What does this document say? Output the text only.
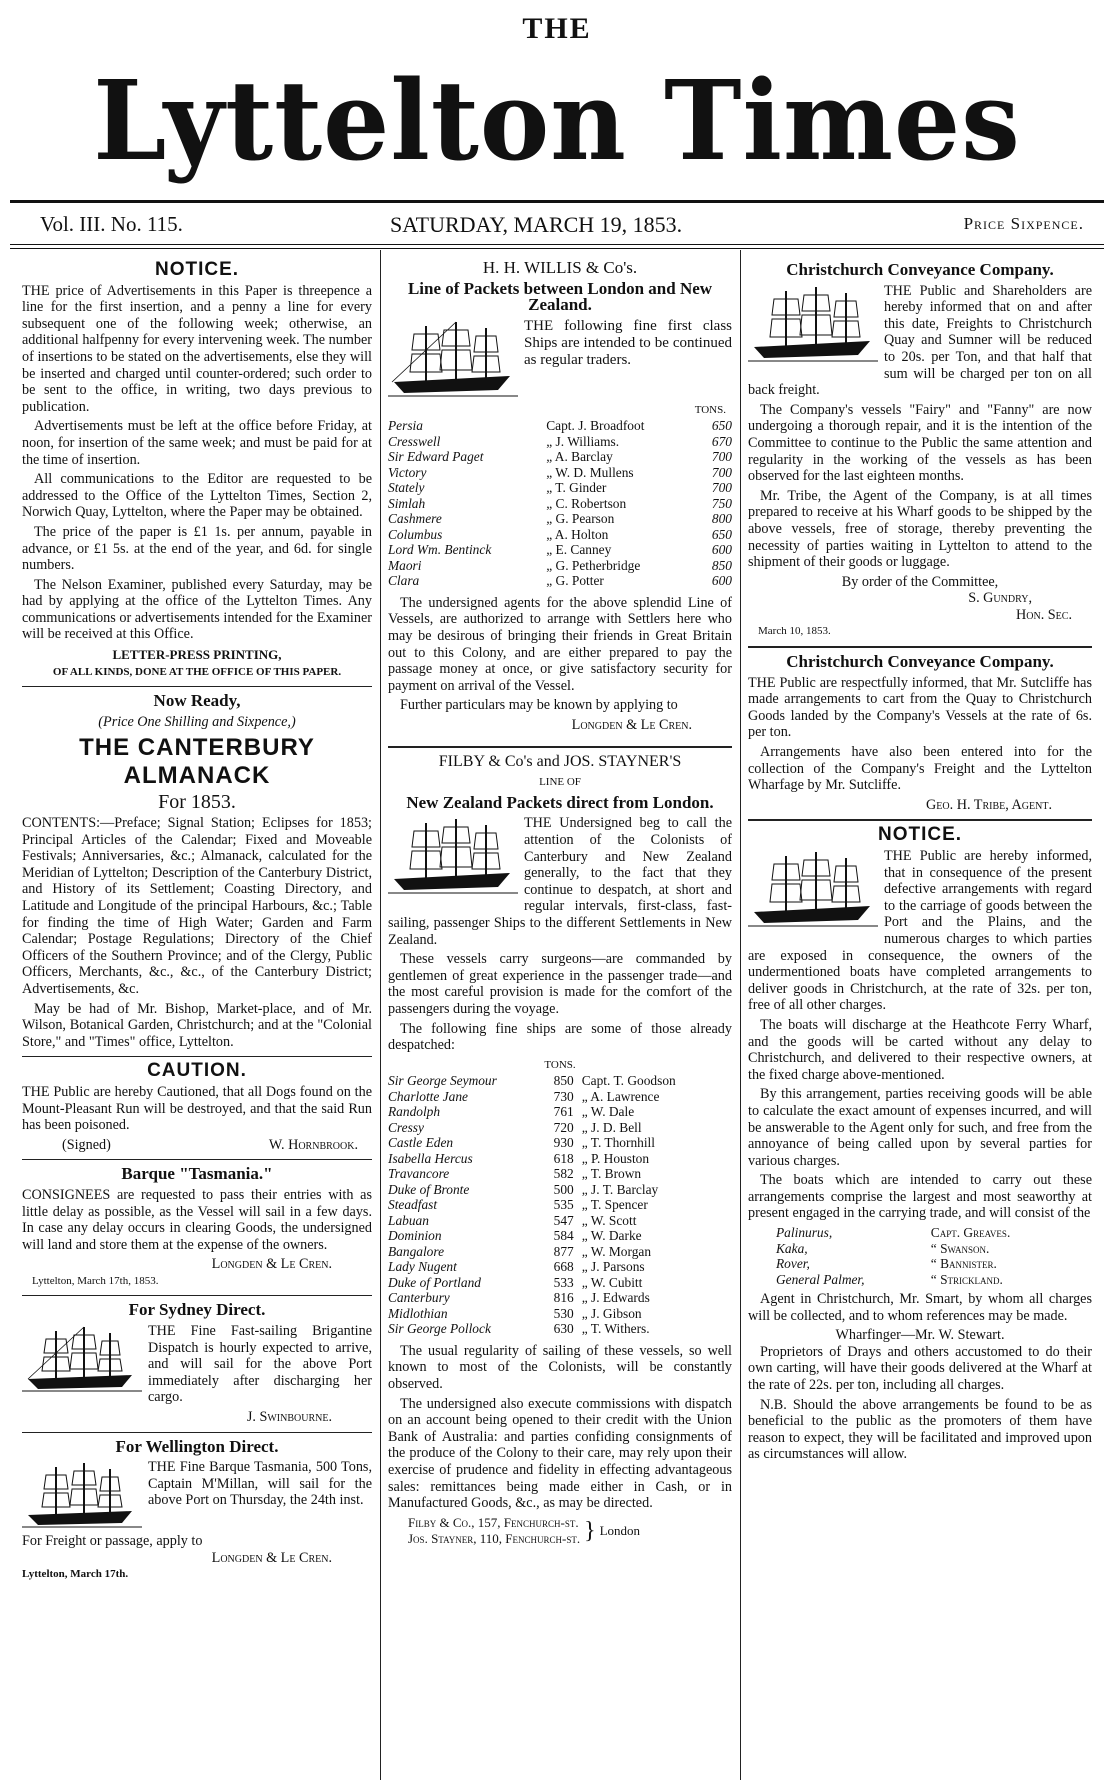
THE
Lyttelton Times
Vol. III. No. 115.	SATURDAY, MARCH 19, 1853.	Price Sixpence.
NOTICE.

THE price of Advertisements in this Paper is threepence a line for the first insertion, and a penny a line for every subsequent one of the following week; otherwise, an additional halfpenny for every intervening week. The number of insertions to be stated on the advertisements, else they will be inserted and charged until counter-ordered; such order to be sent to the office, in writing, two days previous to publication.

Advertisements must be left at the office before Friday, at noon, for insertion of the same week; and must be paid for at the time of insertion.

All communications to the Editor are requested to be addressed to the Office of the Lyttelton Times, Section 2, Norwich Quay, Lyttelton, where the Paper may be obtained.

The price of the paper is £1 1s. per annum, payable in advance, or £1 5s. at the end of the year, and 6d. for single numbers.

The Nelson Examiner, published every Saturday, may be had by applying at the office of the Lyttelton Times. Any communications or advertisements intended for the Examiner will be received at this Office.

LETTER-PRESS PRINTING,
OF ALL KINDS, DONE AT THE OFFICE OF THIS PAPER.
Now Ready,
(Price One Shilling and Sixpence,)
THE CANTERBURY ALMANACK
For 1853.

CONTENTS:—Preface; Signal Station; Eclipses for 1853; Principal Articles of the Calendar; Fixed and Moveable Festivals; Anniversaries, &c.; Almanack, calculated for the Meridian of Lyttelton; Description of the Canterbury District, and History of its Settlement; Coasting Directory, and Latitude and Longitude of the principal Harbours, &c.; Table for finding the time of High Water; Garden and Farm Calendar; Postage Regulations; Directory of the Chief Officers of the Southern Province; and of the Clergy, Public Officers, Merchants, &c., &c., of the Canterbury District; Advertisements, &c.

May be had of Mr. Bishop, Market-place, and of Mr. Wilson, Botanical Garden, Christchurch; and at the "Colonial Store," and "Times" office, Lyttelton.

CAUTION.

THE Public are hereby Cautioned, that all Dogs found on the Mount-Pleasant Run will be destroyed, and that the said Run has been poisoned.

(Signed)	W. Hornbrook.
Barque "Tasmania."

CONSIGNEES are requested to pass their entries with as little delay as possible, as the Vessel will sail in a few days. In case any delay occurs in clearing Goods, the undersigned will land and store them at the expense of the owners.

Longden & Le Cren.
Lyttelton, March 17th, 1853.
For Sydney Direct.

THE Fine Fast-sailing Brigantine Dispatch is hourly expected to arrive, and will sail for the above Port immediately after discharging her cargo.

J. Swinbourne.
For Wellington Direct.

THE Fine Barque Tasmania, 500 Tons, Captain M'Millan, will sail for the above Port on Thursday, the 24th inst.

For Freight or passage, apply to
Longden & Le Cren.
Lyttelton, March 17th.
H. H. WILLIS & Co's.
Line of Packets between London and New Zealand.

THE following fine first class Ships are intended to be continued as regular traders.

TONS.
Persia	Capt. J. Broadfoot	650
Cresswell	„ J. Williams.	670
Sir Edward Paget	„ A. Barclay	700
Victory	„ W. D. Mullens	700
Stately	„ T. Ginder	700
Simlah	„ C. Robertson	750
Cashmere	„ G. Pearson	800
Columbus	„ A. Holton	650
Lord Wm. Bentinck	„ E. Canney	600
Maori	„ G. Petherbridge	850
Clara	„ G. Potter	600

The undersigned agents for the above splendid Line of Vessels, are authorized to arrange with Settlers here who may be desirous of bringing their friends in Great Britain out to this Colony, and are either prepared to pay the passage money at once, or give satisfactory security for payment on arrival of the Vessel.

Further particulars may be known by applying to

Longden & Le Cren.
FILBY & Co's and JOS. STAYNER'S
LINE OF
New Zealand Packets direct from London.

THE Undersigned beg to call the attention of the Colonists of Canterbury and New Zealand generally, to the fact that they continue to despatch, at short and regular intervals, first-class, fast-sailing, passenger Ships to the different Settlements in New Zealand.

These vessels carry surgeons—are commanded by gentlemen of great experience in the passenger trade—and the most careful provision is made for the comfort of the passengers during the voyage.

The following fine ships are some of those already despatched:

TONS.
Sir George Seymour	850	Capt. T. Goodson
Charlotte Jane	730	„ A. Lawrence
Randolph	761	„ W. Dale
Cressy	720	„ J. D. Bell
Castle Eden	930	„ T. Thornhill
Isabella Hercus	618	„ P. Houston
Travancore	582	„ T. Brown
Duke of Bronte	500	„ J. T. Barclay
Steadfast	535	„ T. Spencer
Labuan	547	„ W. Scott
Dominion	584	„ W. Darke
Bangalore	877	„ W. Morgan
Lady Nugent	668	„ J. Parsons
Duke of Portland	533	„ W. Cubitt
Canterbury	816	„ J. Edwards
Midlothian	530	„ J. Gibson
Sir George Pollock	630	„ T. Withers.

The usual regularity of sailing of these vessels, so well known to most of the Colonists, will be constantly observed.

The undersigned also execute commissions with dispatch on an account being opened to their credit with the Union Bank of Australia: and parties confiding consignments of the produce of the Colony to their care, may rely upon their exercise of prudence and fidelity in effecting advantageous sales: remittances being made either in Cash, or in Manufactured Goods, &c., as may be directed.

Filby & Co., 157, Fenchurch-st.
Jos. Stayner, 110, Fenchurch-st. } London
Christchurch Conveyance Company.

THE Public and Shareholders are hereby informed that on and after this date, Freights to Christchurch Quay and Sumner will be reduced to 20s. per Ton, and that half that sum will be charged per ton on all back freight.

The Company's vessels "Fairy" and "Fanny" are now undergoing a thorough repair, and it is the intention of the Committee to continue to the Public the same attention and regularity in the working of the vessels as has been observed for the last eighteen months.

Mr. Tribe, the Agent of the Company, is at all times prepared to receive at his Wharf goods to be shipped by the above vessels, free of storage, thereby preventing the necessity of parties waiting in Lyttelton to attend to the shipment of their goods or luggage.

By order of the Committee,
S. Gundry,
Hon. Sec.
March 10, 1853.
Christchurch Conveyance Company.

THE Public are respectfully informed, that Mr. Sutcliffe has made arrangements to cart from the Quay to Christchurch Goods landed by the Company's Vessels at the rate of 6s. per ton.

Arrangements have also been entered into for the collection of the Company's Freight and the Lyttelton Wharfage by Mr. Sutcliffe.

Geo. H. Tribe, Agent.
NOTICE.

THE Public are hereby informed, that in consequence of the present defective arrangements with regard to the carriage of goods between the Port and the Plains, and the numerous charges to which parties are exposed in consequence, the owners of the undermentioned boats have completed arrangements to deliver goods in Christchurch, at the rate of 32s. per ton, free of all other charges.

The boats will discharge at the Heathcote Ferry Wharf, and the goods will be carted without any delay to Christchurch, and delivered to their respective owners, at the fixed charge above-mentioned.

By this arrangement, parties receiving goods will be able to calculate the exact amount of expenses incurred, and will be answerable to the Agent only for such, and free from the annoyance of being called upon by several parties for various charges.

The boats which are intended to carry out these arrangements comprise the largest and most seaworthy at present engaged in the carrying trade, and will consist of the

Palinurus,	Capt. Greaves.
Kaka,	“ Swanson.
Rover,	“ Bannister.
General Palmer,	“ Strickland.

Agent in Christchurch, Mr. Smart, by whom all charges will be collected, and to whom references may be made.

Wharfinger—Mr. W. Stewart.

Proprietors of Drays and others accustomed to do their own carting, will have their goods delivered at the Wharf at the rate of 22s. per ton, including all charges.

N.B. Should the above arrangements be found to be as beneficial to the public as the promoters of them have reason to expect, they will be facilitated and improved upon as circumstances will allow.
